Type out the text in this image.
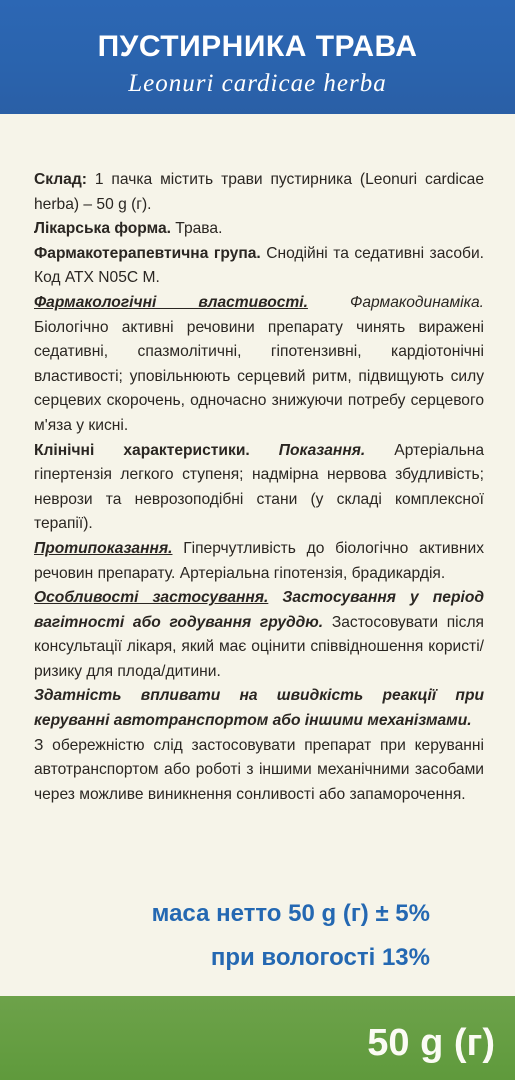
ПУСТИРНИКА ТРАВА
Leonuri cardicae herba

Склад: 1 пачка містить трави пустирника (Leonuri cardicae herba) – 50 g (г).

Лікарська форма. Трава.

Фармакотерапевтична група. Снодійні та седативні засоби. Код АТХ N05C M.

Фармакологічні властивості. Фармакодинаміка. Біологічно активні речовини препарату чинять виражені седативні, спазмолітичні, гіпотензивні, кардіотонічні властивості; уповільнюють серцевий ритм, підвищують силу серцевих скорочень, одночасно знижуючи потребу серцевого м'яза у кисні.

Клінічні характеристики. Показання. Артеріальна гіпертензія легкого ступеня; надмірна нервова збудливість; неврози та неврозоподібні стани (у складі комплексної терапії).

Протипоказання. Гіперчутливість до біологічно активних речовин препарату. Артеріальна гіпотензія, брадикардія.

Особливості застосування. Застосування у період вагітності або годування груддю. Застосовувати після консультації лікаря, який має оцінити співвідношення користі/ризику для плода/дитини.

Здатність впливати на швидкість реакції при керуванні автотранспортом або іншими механізмами.

З обережністю слід застосовувати препарат при керуванні автотранспортом або роботі з іншими механічними засобами через можливе виникнення сонливості або запаморочення.

маса нетто 50 g (г) ± 5%
при вологості 13%
50 g (г)
